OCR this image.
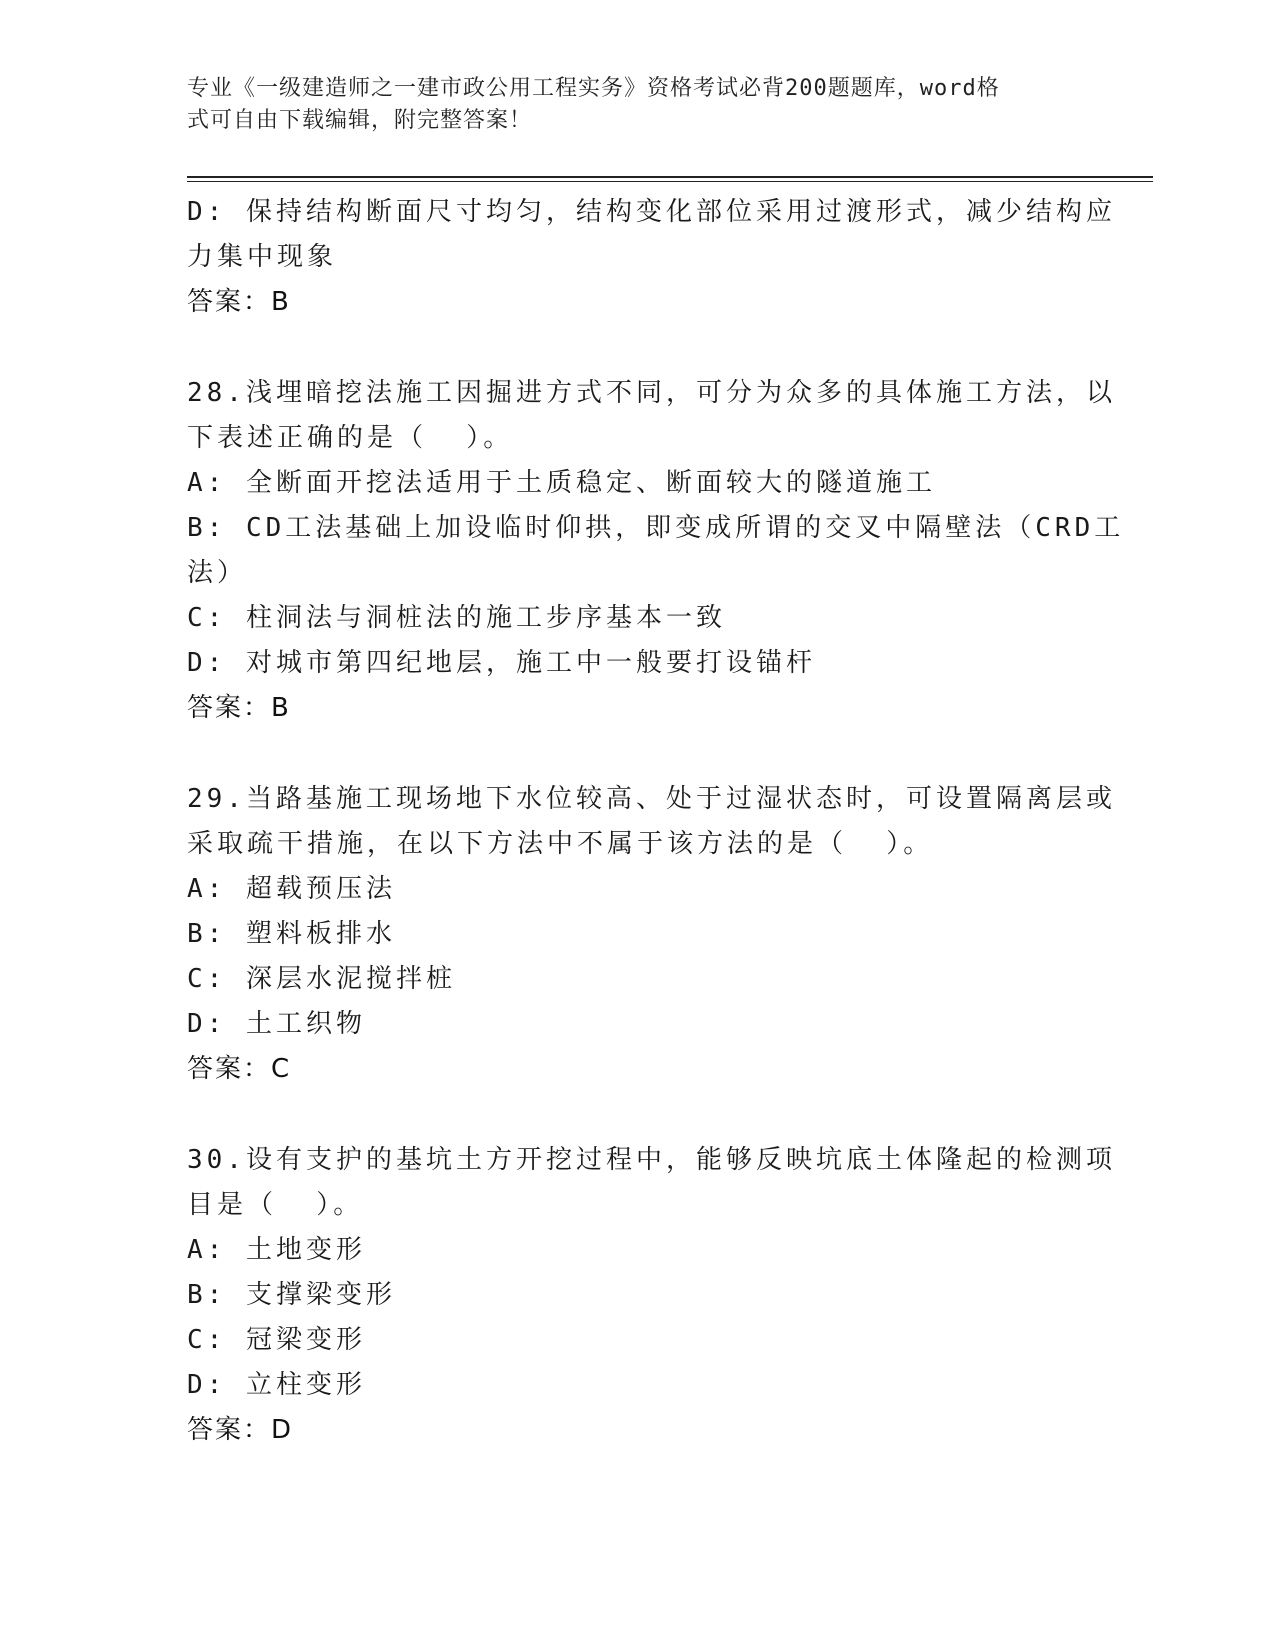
专业《一级建造师之一建市政公用工程实务》资格考试必背200题题库，word格
式可自由下载编辑，附完整答案！
D: 保持结构断面尺寸均匀，结构变化部位采用过渡形式，减少结构应
力集中现象
答案：B
28.浅埋暗挖法施工因掘进方式不同，可分为众多的具体施工方法，以
下表述正确的是（  ）。
A: 全断面开挖法适用于土质稳定、断面较大的隧道施工
B: CD工法基础上加设临时仰拱，即变成所谓的交叉中隔壁法（CRD工
法）
C: 柱洞法与洞桩法的施工步序基本一致
D: 对城市第四纪地层，施工中一般要打设锚杆
答案：B
29.当路基施工现场地下水位较高、处于过湿状态时，可设置隔离层或
采取疏干措施，在以下方法中不属于该方法的是（  ）。
A: 超载预压法
B: 塑料板排水
C: 深层水泥搅拌桩
D: 土工织物
答案：C
30.设有支护的基坑土方开挖过程中，能够反映坑底土体隆起的检测项
目是（  ）。
A: 土地变形
B: 支撑梁变形
C: 冠梁变形
D: 立柱变形
答案：D
